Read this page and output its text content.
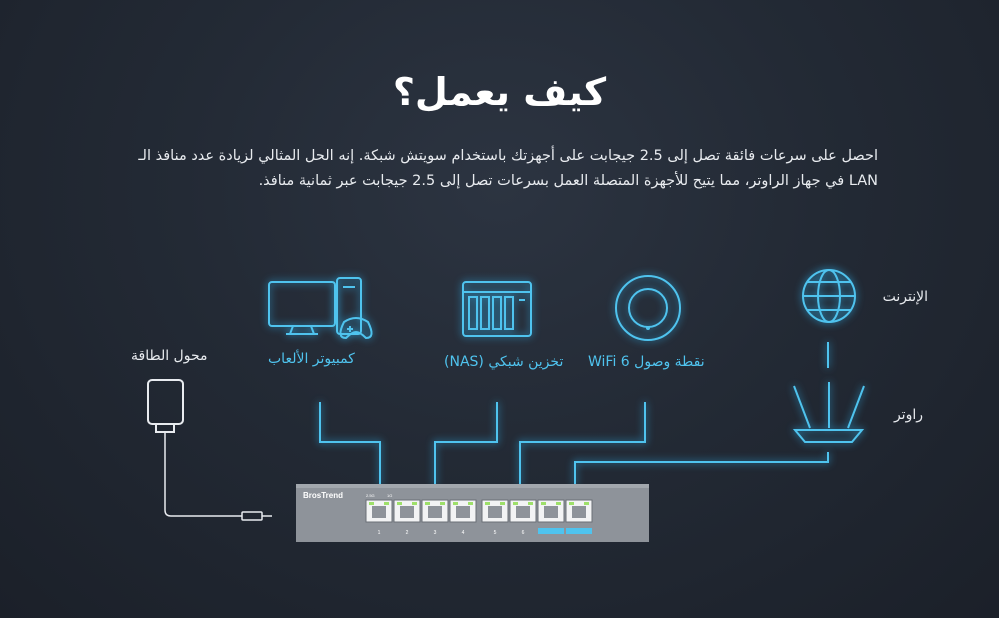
كيف يعمل؟
احصل على سرعات فائقة تصل إلى 2.5 جيجابت على أجهزتك باستخدام سويتش شبكة. إنه الحل المثالي لزيادة عدد منافذ الـ
LAN في جهاز الراوتر، مما يتيح للأجهزة المتصلة العمل بسرعات تصل إلى 2.5 جيجابت عبر ثمانية منافذ.
BrosTrend	2.5G	1G
1	2	3	4	5	6
الإنترنت
راوتر
نقطة وصول WiFi 6
تخزين شبكي (NAS)
كمبيوتر الألعاب
محول الطاقة
